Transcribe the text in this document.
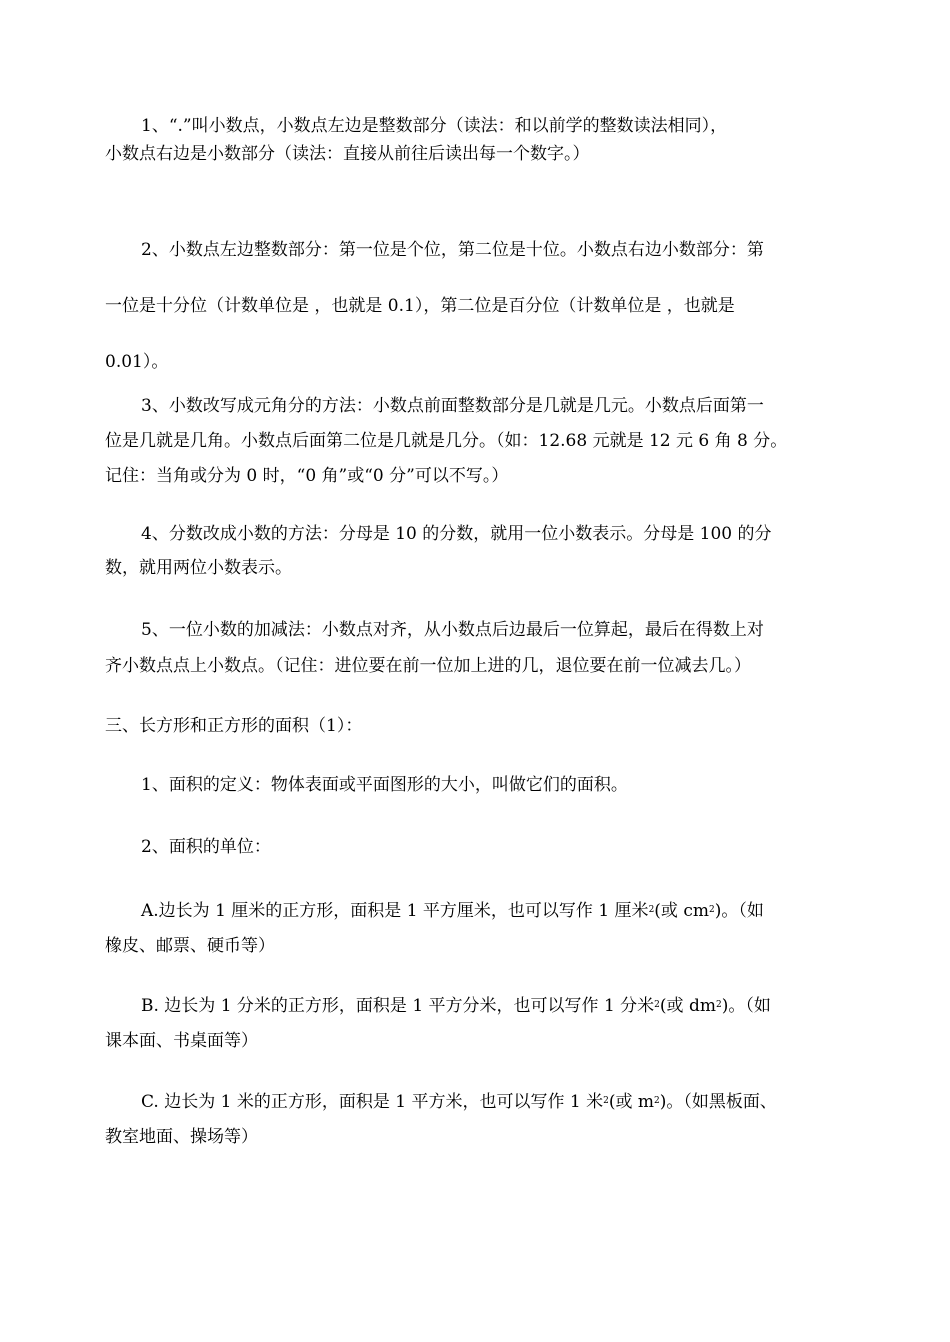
1、“.”叫小数点，小数点左边是整数部分（读法：和以前学的整数读法相同），
小数点右边是小数部分（读法：直接从前往后读出每一个数字。）
2、小数点左边整数部分：第一位是个位，第二位是十位。小数点右边小数部分：第
一位是十分位（计数单位是 ，也就是 0.1），第二位是百分位（计数单位是 ，也就是
0.01）。
3、小数改写成元角分的方法：小数点前面整数部分是几就是几元。小数点后面第一
位是几就是几角。小数点后面第二位是几就是几分。（如：12.68 元就是 12 元 6 角 8 分。
记住：当角或分为 0 时，“0 角”或“0 分”可以不写。）
4、分数改成小数的方法：分母是 10 的分数，就用一位小数表示。分母是 100 的分
数，就用两位小数表示。
5、一位小数的加减法：小数点对齐，从小数点后边最后一位算起，最后在得数上对
齐小数点点上小数点。（记住：进位要在前一位加上进的几，退位要在前一位减去几。）
三、长方形和正方形的面积（1）：
1、面积的定义：物体表面或平面图形的大小，叫做它们的面积。
2、面积的单位：
A.边长为 1 厘米的正方形，面积是 1 平方厘米，也可以写作 1 厘米$^2$(或 $cm^2$)。（如
橡皮、邮票、硬币等）
B. 边长为 1 分米的正方形，面积是 1 平方分米，也可以写作 1 分米$^2$(或 $dm^2$)。（如
课本面、书桌面等）
C. 边长为 1 米的正方形，面积是 1 平方米，也可以写作 1 米$^2$(或 $m^2$)。（如黑板面、
教室地面、操场等）
